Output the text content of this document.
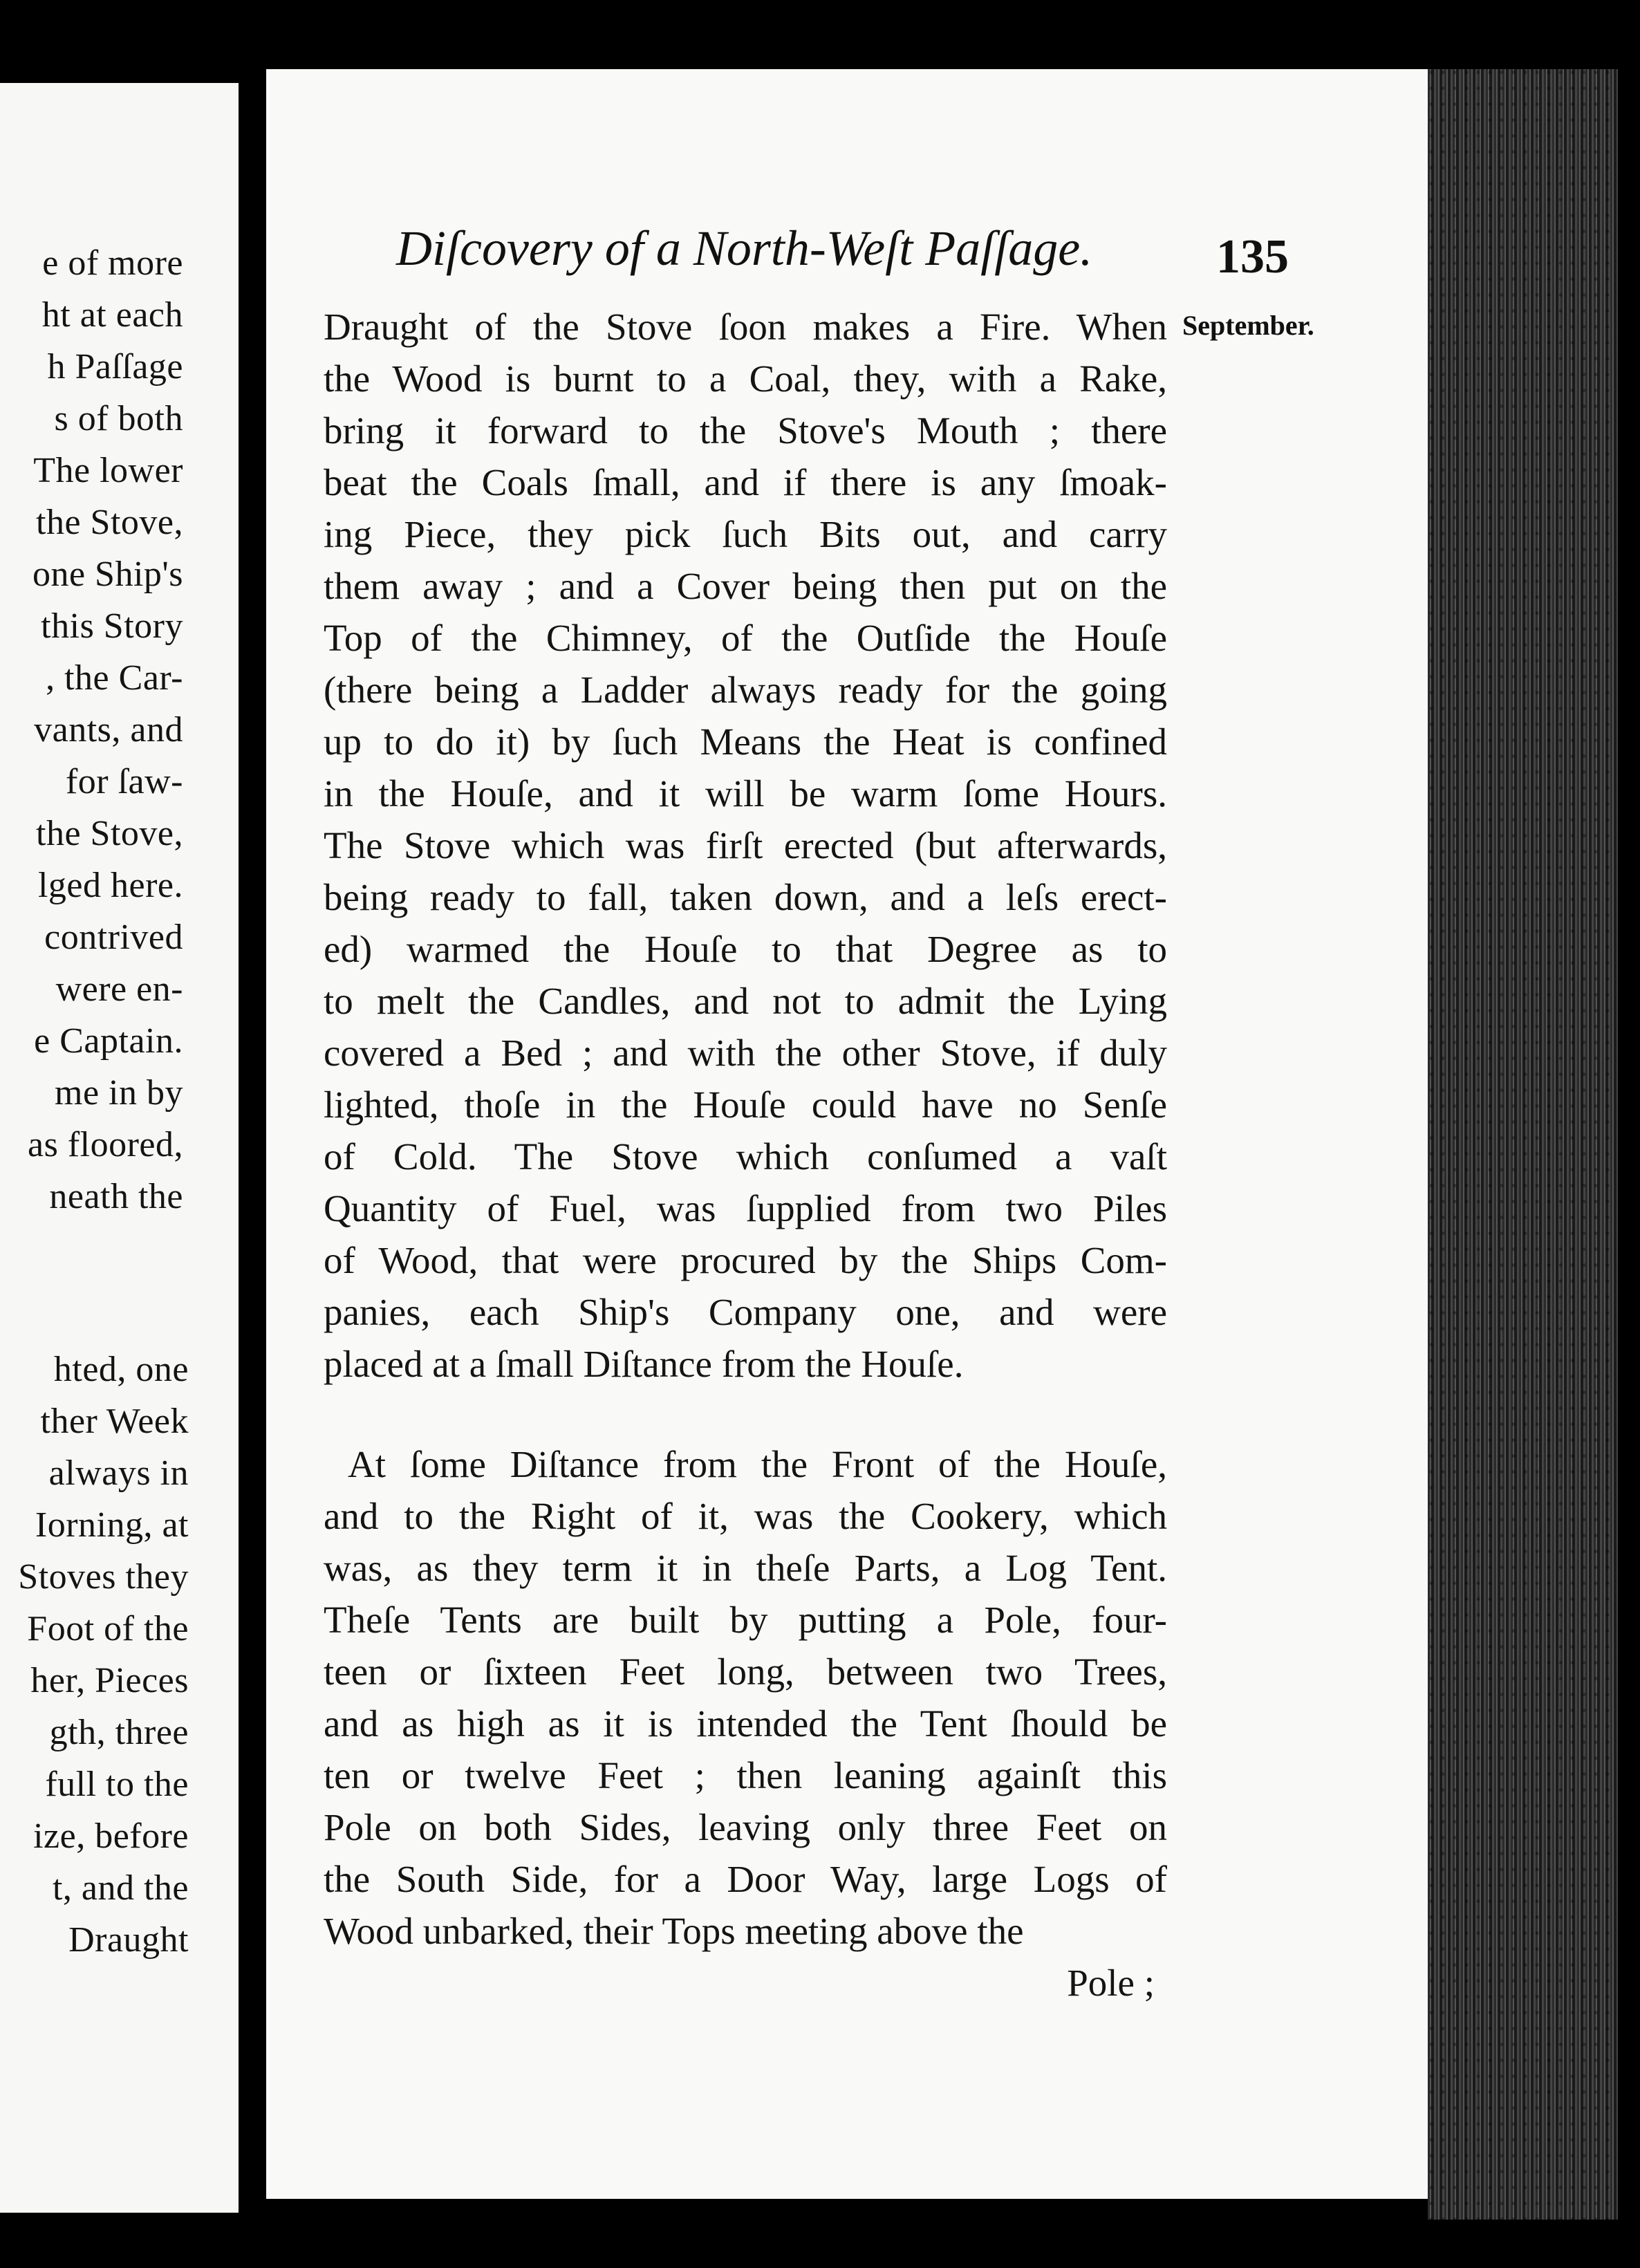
e of more
ht at each
h Paſſage
s of both
The lower
the Stove,
one Ship's
this Story
, the Car-
vants, and
for ſaw-
the Stove,
lged here.
contrived
were en-
e Captain.
me in by
as floored,
neath the
hted, one
ther Week
always in
Iorning, at
Stoves they
Foot of the
her, Pieces
gth, three
full to the
ize, before
t, and the
Draught
Diſcovery of a North-Weſt Paſſage.	135
September.
Draught of the Stove ſoon makes a Fire. When
the Wood is burnt to a Coal, they, with a Rake,
bring it forward to the Stove's Mouth ; there
beat the Coals ſmall, and if there is any ſmoak-
ing Piece, they pick ſuch Bits out, and carry
them away ; and a Cover being then put on the
Top of the Chimney, of the Outſide the Houſe
(there being a Ladder always ready for the going
up to do it) by ſuch Means the Heat is confined
in the Houſe, and it will be warm ſome Hours.
The Stove which was firſt erected (but afterwards,
being ready to fall, taken down, and a leſs erect-
ed) warmed the Houſe to that Degree as to
to melt the Candles, and not to admit the Lying
covered a Bed ; and with the other Stove, if duly
lighted, thoſe in the Houſe could have no Senſe
of Cold. The Stove which conſumed a vaſt
Quantity of Fuel, was ſupplied from two Piles
of Wood, that were procured by the Ships Com-
panies, each Ship's Company one, and were
placed at a ſmall Diſtance from the Houſe.
At ſome Diſtance from the Front of the Houſe,
and to the Right of it, was the Cookery, which
was, as they term it in theſe Parts, a Log Tent.
Theſe Tents are built by putting a Pole, four-
teen or ſixteen Feet long, between two Trees,
and as high as it is intended the Tent ſhould be
ten or twelve Feet ; then leaning againſt this
Pole on both Sides, leaving only three Feet on
the South Side, for a Door Way, large Logs of
Wood unbarked, their Tops meeting above the
Pole ;
